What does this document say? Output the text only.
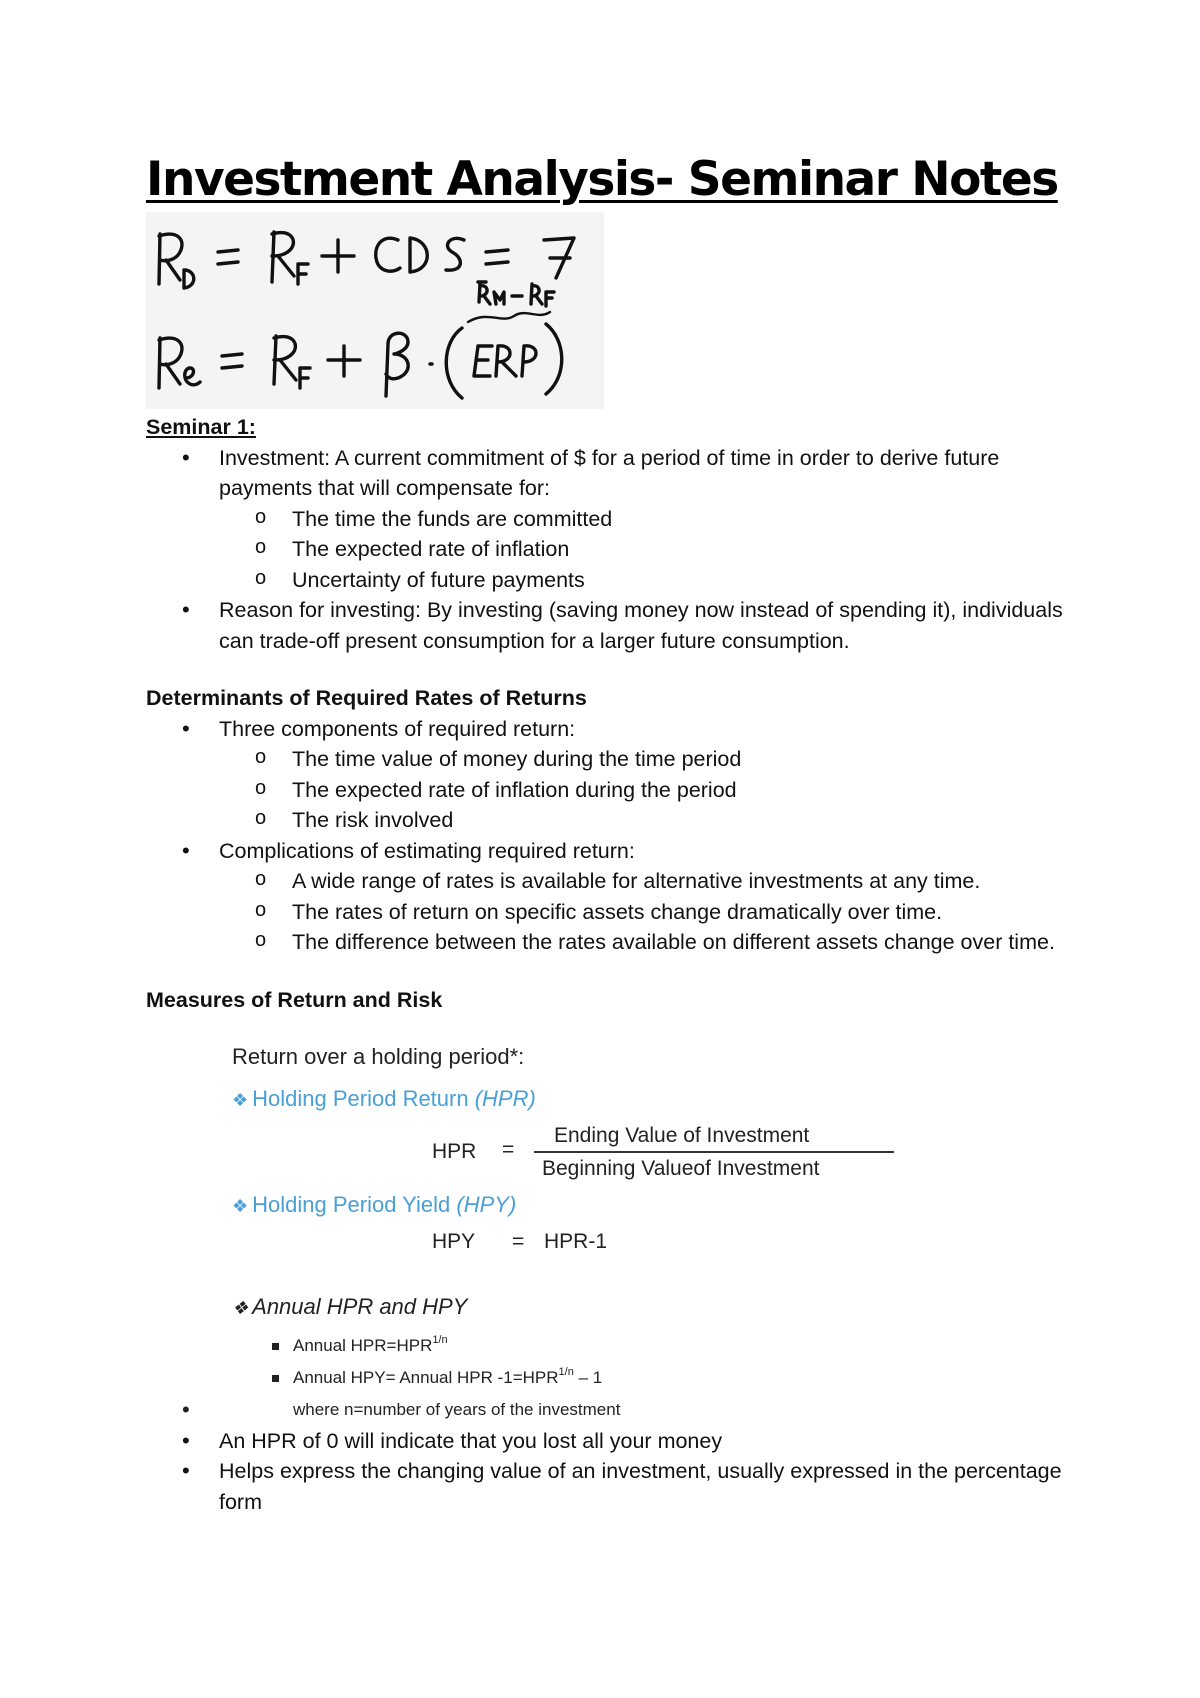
Investment Analysis- Seminar Notes

Seminar 1:

• Investment: A current commitment of $ for a period of time in order to derive future payments that will compensate for:
o The time the funds are committed
o The expected rate of inflation
o Uncertainty of future payments
• Reason for investing: By investing (saving money now instead of spending it), individuals can trade-off present consumption for a larger future consumption.

Determinants of Required Rates of Returns

• Three components of required return:
o The time value of money during the time period
o The expected rate of inflation during the period
o The risk involved
• Complications of estimating required return:
o A wide range of rates is available for alternative investments at any time.
o The rates of return on specific assets change dramatically over time.
o The difference between the rates available on different assets change over time.

Measures of Return and Risk

Return over a holding period*:
❖ Holding Period Return (HPR)
HPR =
Ending Value of Investment
Beginning Valueof Investment
❖ Holding Period Yield (HPY)
HPY = HPR-1
❖ Annual HPR and HPY
Annual $HPR=HPR^{1/n}$
Annual HPY= Annual HPR $-1=HPR^{1/n} - 1$
• where n=number of years of the investment
• An HPR of 0 will indicate that you lost all your money
• Helps express the changing value of an investment, usually expressed in the percentage form
